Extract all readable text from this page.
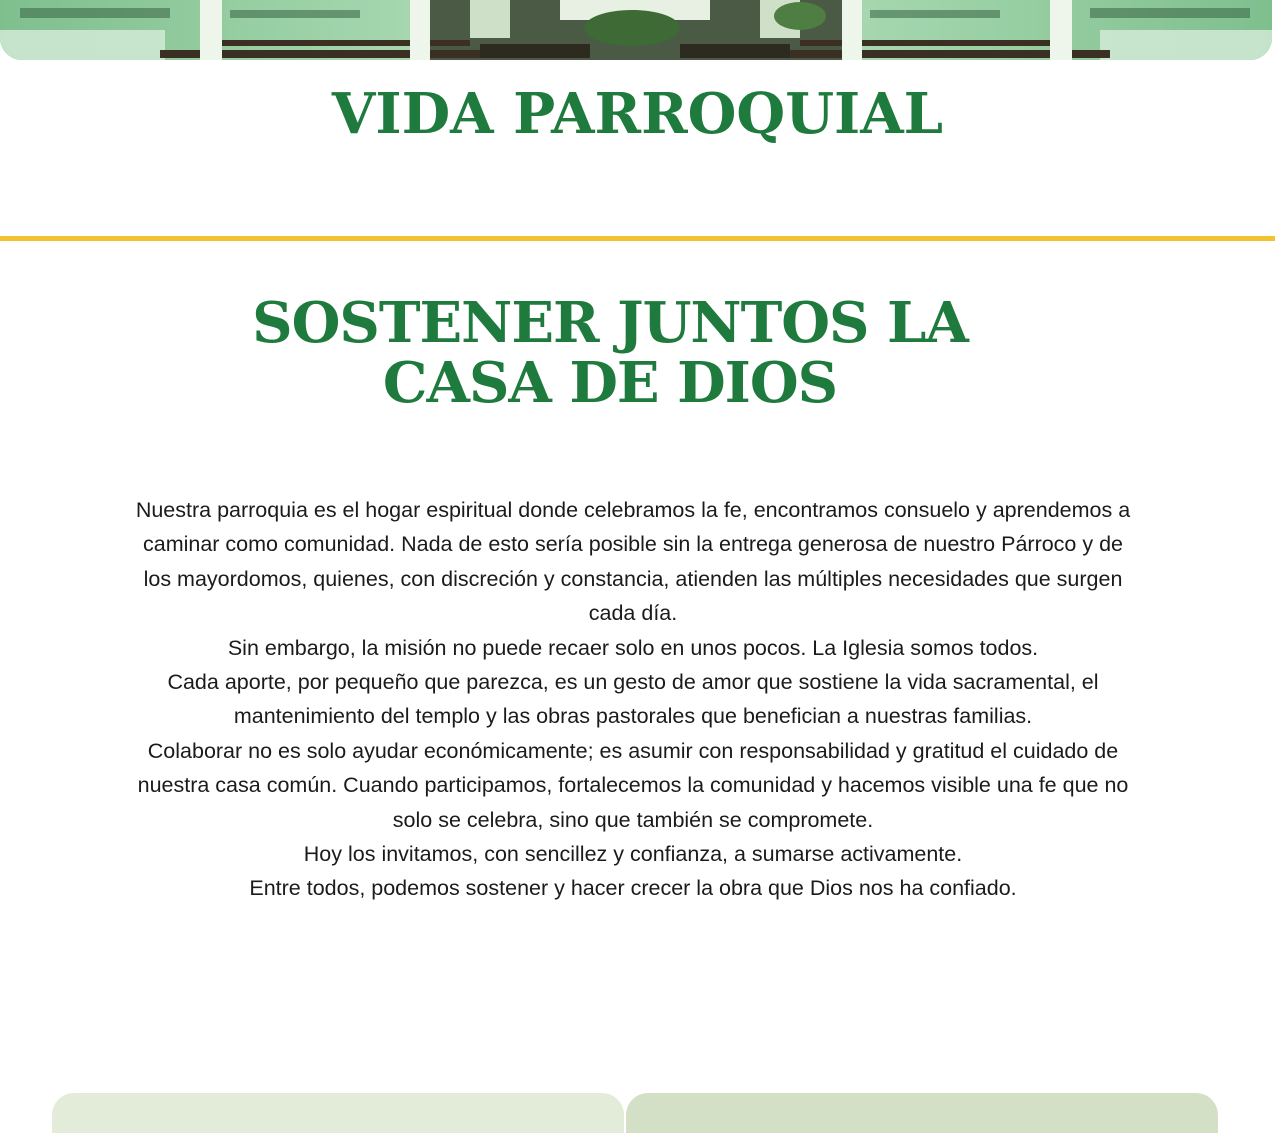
VIDA PARROQUIAL
SOSTENER JUNTOS LA CASA DE DIOS

Nuestra parroquia es el hogar espiritual donde celebramos la fe, encontramos consuelo y aprendemos a caminar como comunidad. Nada de esto sería posible sin la entrega generosa de nuestro Párroco y de los mayordomos, quienes, con discreción y constancia, atienden las múltiples necesidades que surgen cada día.

Sin embargo, la misión no puede recaer solo en unos pocos. La Iglesia somos todos.

Cada aporte, por pequeño que parezca, es un gesto de amor que sostiene la vida sacramental, el mantenimiento del templo y las obras pastorales que benefician a nuestras familias.

Colaborar no es solo ayudar económicamente; es asumir con responsabilidad y gratitud el cuidado de nuestra casa común. Cuando participamos, fortalecemos la comunidad y hacemos visible una fe que no solo se celebra, sino que también se compromete.

Hoy los invitamos, con sencillez y confianza, a sumarse activamente.

Entre todos, podemos sostener y hacer crecer la obra que Dios nos ha confiado.
